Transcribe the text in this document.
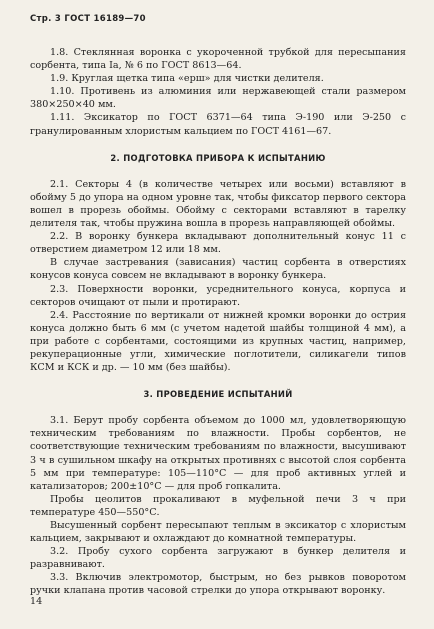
Стр. 3 ГОСТ 16189—70

1.8. Стеклянная воронка с укороченной трубкой для пересыпания сорбента, типа Iа, № 6 по ГОСТ 8613—64.

1.9. Круглая щетка типа «ерш» для чистки делителя.

1.10. Противень из алюминия или нержавеющей стали размером 380×250×40 мм.

1.11. Эксикатор по ГОСТ 6371—64 типа Э-190 или Э-250 с гранулированным хлористым кальцием по ГОСТ 4161—67.

2. ПОДГОТОВКА ПРИБОРА К ИСПЫТАНИЮ

2.1. Секторы 4 (в количестве четырех или восьми) вставляют в обойму 5 до упора на одном уровне так, чтобы фиксатор первого сектора вошел в прорезь обоймы. Обойму с секторами вставляют в тарелку делителя так, чтобы пружина вошла в прорезь направляющей обоймы.

2.2. В воронку бункера вкладывают дополнительный конус 11 с отверстием диаметром 12 или 18 мм.

В случае застревания (зависания) частиц сорбента в отверстиях конусов конуса совсем не вкладывают в воронку бункера.

2.3. Поверхности воронки, усреднительного конуса, корпуса и секторов очищают от пыли и протирают.

2.4. Расстояние по вертикали от нижней кромки воронки до острия конуса должно быть 6 мм (с учетом надетой шайбы толщиной 4 мм), а при работе с сорбентами, состоящими из крупных частиц, например, рекуперационные угли, химические поглотители, силикагели типов КСМ и КСК и др. — 10 мм (без шайбы).

3. ПРОВЕДЕНИЕ ИСПЫТАНИЙ

3.1. Берут пробу сорбента объемом до 1000 мл, удовлетворяющую техническим требованиям по влажности. Пробы сорбентов, не соответствующие техническим требованиям по влажности, высушивают 3 ч в сушильном шкафу на открытых противнях с высотой слоя сорбента 5 мм при температуре: 105—110°С — для проб активных углей и катализаторов; 200±10°С — для проб гопкалита.

Пробы цеолитов прокаливают в муфельной печи 3 ч при температуре 450—550°С.

Высушенный сорбент пересыпают теплым в эксикатор с хлористым кальцием, закрывают и охлаждают до комнатной температуры.

3.2. Пробу сухого сорбента загружают в бункер делителя и разравнивают.

3.3. Включив электромотор, быстрым, но без рывков поворотом ручки клапана против часовой стрелки до упора открывают воронку.

14
